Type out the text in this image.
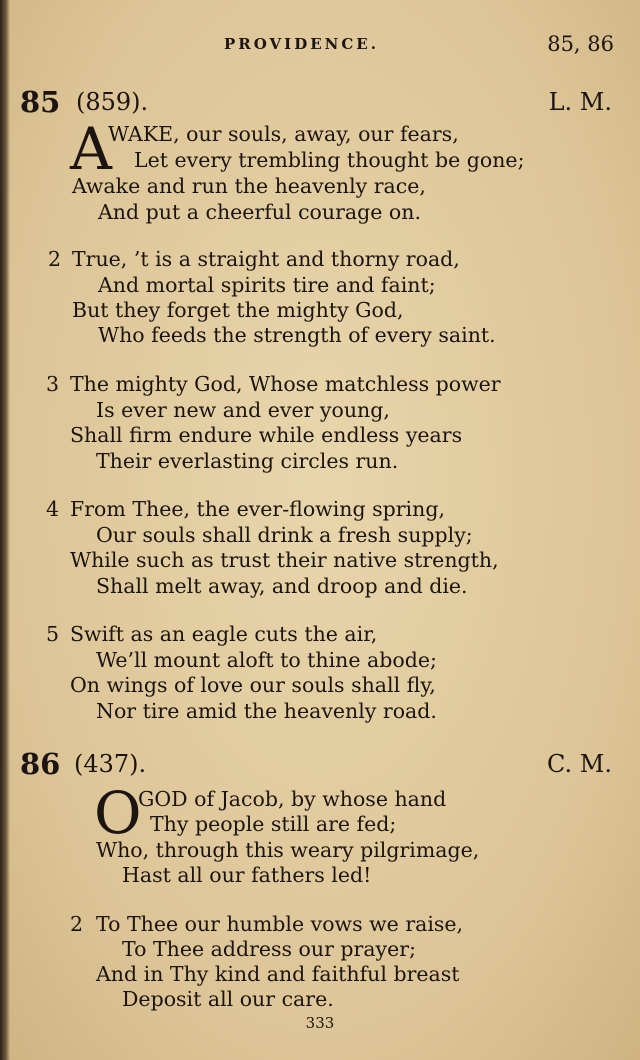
PROVIDENCE.	85, 86
85 (859).	L. M.
A
WAKE, our souls, away, our fears,
Let every trembling thought be gone;
Awake and run the heavenly race,
And put a cheerful courage on.
2 True, ’t is a straight and thorny road,
And mortal spirits tire and faint;
But they forget the mighty God,
Who feeds the strength of every saint.
3 The mighty God, Whose matchless power
Is ever new and ever young,
Shall firm endure while endless years
Their everlasting circles run.
4 From Thee, the ever-flowing spring,
Our souls shall drink a fresh supply;
While such as trust their native strength,
Shall melt away, and droop and die.
5 Swift as an eagle cuts the air,
We’ll mount aloft to thine abode;
On wings of love our souls shall fly,
Nor tire amid the heavenly road.
86 (437).	C. M.
O
GOD of Jacob, by whose hand
Thy people still are fed;
Who, through this weary pilgrimage,
Hast all our fathers led!
2 To Thee our humble vows we raise,
To Thee address our prayer;
And in Thy kind and faithful breast
Deposit all our care.
333
